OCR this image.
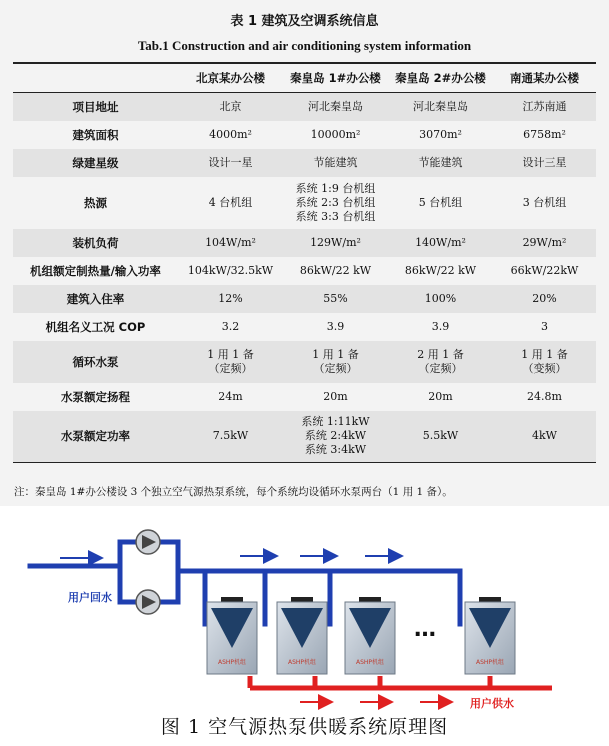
表 1 建筑及空调系统信息
Tab.1 Construction and air conditioning system information
	北京某办公楼	秦皇岛 1#办公楼	秦皇岛 2#办公楼	南通某办公楼
项目地址	北京	河北秦皇岛	河北秦皇岛	江苏南通

建筑面积	4000m²	10000m²	3070m²	6758m²

绿建星级	设计一星	节能建筑	节能建筑	设计三星

热源	4 台机组	系统 1:9 台机组
系统 2:3 台机组
系统 3:3 台机组	5 台机组	3 台机组

装机负荷	104W/m²	129W/m²	140W/m²	29W/m²

机组额定制热量/输入功率	104kW/32.5kW	86kW/22 kW	86kW/22 kW	66kW/22kW

建筑入住率	12%	55%	100%	20%

机组名义工况 COP	3.2	3.9	3.9	3

循环水泵	1 用 1 备
（定频）	1 用 1 备
（定频）	2 用 1 备
（定频）	1 用 1 备
（变频）

水泵额定扬程	24m	20m	20m	24.8m

水泵额定功率	7.5kW	系统 1:11kW
系统 2:4kW
系统 3:4kW	5.5kW	4kW
注：秦皇岛 1#办公楼设 3 个独立空气源热泵系统，每个系统均设循环水泵两台（1 用 1 备）。
用户回水
用户供水
ASHP机组	ASHP机组	ASHP机组	ASHP机组
…
图 1 空气源热泵供暖系统原理图
